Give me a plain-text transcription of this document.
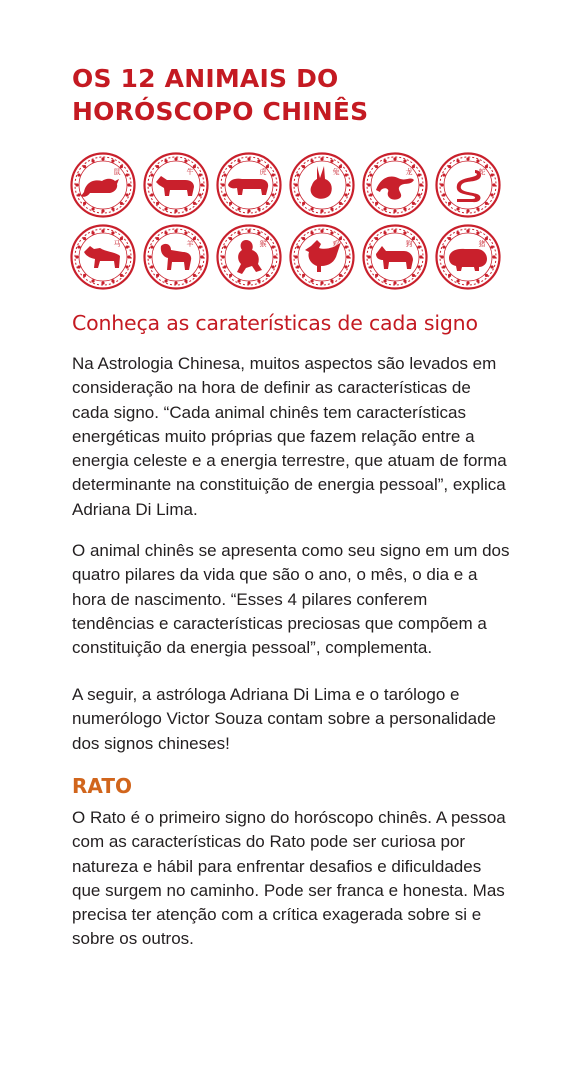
OS 12 ANIMAIS DO HORÓSCOPO CHINÊS
鼠	牛	虎	兔	龙	蛇
马	羊	猴	鸡	狗	猪
Conheça as caraterísticas de cada signo

Na Astrologia Chinesa, muitos aspectos são levados em consideração na hora de definir as características de cada signo. “Cada animal chinês tem características energéticas muito próprias que fazem relação entre a energia celeste e a energia terrestre, que atuam de forma determinante na constituição de energia pessoal”, explica Adriana Di Lima.

O animal chinês se apresenta como seu signo em um dos quatro pilares da vida que são o ano, o mês, o dia e a hora de nascimento. “Esses 4 pilares conferem tendências e características preciosas que compõem a constituição da energia pessoal”, complementa.

A seguir, a astróloga Adriana Di Lima e o tarólogo e numerólogo Victor Souza contam sobre a personalidade dos signos chineses!

RATO

O Rato é o primeiro signo do horóscopo chinês. A pessoa com as características do Rato pode ser curiosa por natureza e hábil para enfrentar desafios e dificuldades que surgem no caminho. Pode ser franca e honesta. Mas precisa ter atenção com a crítica exagerada sobre si e sobre os outros.
